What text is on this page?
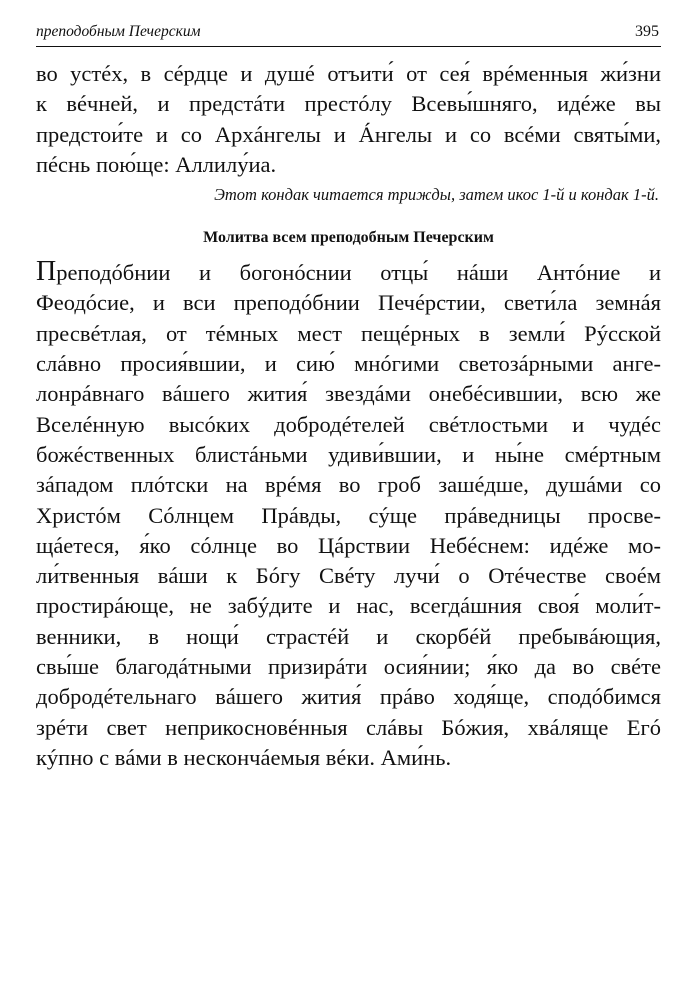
преподобным Печерским	395
во устéх, в сéрдце и душé отъити́ от сея́ врéменныя жи́зни
к вéчней, и предстáти престóлу Всевы́шняго, идéже вы
предстои́те и со Архáнгелы и Áнгелы и со всéми святы́ми,
пéснь пою́ще: Аллилу́иа.
Этот кондак читается трижды, затем икос 1-й и кондак 1-й.
Молитва всем преподобным Печерским
Преподóбнии и богонóснии отцы́ нáши Антóние и
Феодóсие, и вси преподóбнии Печéрстии, свети́ла земнáя
пресвéтлая, от тéмных мест пещéрных в земли́ Рýсской
слáвно просия́вшии, и сию́ мнóгими светозáрными анге-
лонрáвнаго вáшего жития́ звездáми онебéсившии, всю же
Вселéнную высóких добродéтелей свéтлостьми и чудéс
божéственных блистáньми удиви́вшии, и ны́не смéртным
зáпадом плóтски на врéмя во гроб зашéдше, душáми со
Христóм Сóлнцем Прáвды, сýще прáведницы просве-
щáетеся, я́ко сóлнце во Цáрствии Небéснем: идéже мо-
ли́твенныя вáши к Бóгу Свéту лучи́ о Отéчестве своéм
простирáюще, не забýдите и нас, всегдáшния своя́ моли́т-
венники, в нощи́ страстéй и скорбéй пребывáющия,
свы́ше благодáтными призирáти осия́нии; я́ко да во свéте
добродéтельнаго вáшего жития́ прáво ходя́ще, сподóбимся
зрéти свет неприкосновéнныя слáвы Бóжия, хвáляще Егó
кýпно с вáми в нескончáемыя вéки. Ами́нь.
